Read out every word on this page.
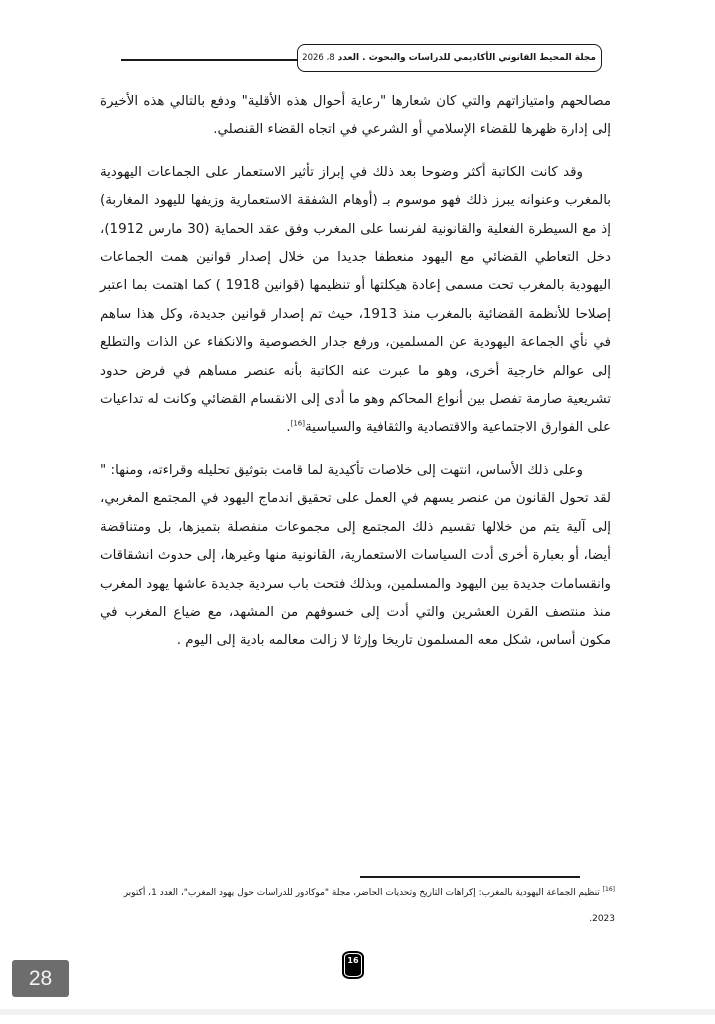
مجلة المحيط القانوني الأكاديمي للدراسات والبحوث . العدد
8، 2026

مصالحهم وامتيازاتهم والتي كان شعارها "رعاية أحوال هذه الأقلية" ودفع بالتالي هذه الأخيرة إلى إدارة ظهرها للقضاء الإسلامي أو الشرعي في اتجاه القضاء القنصلي.

وقد كانت الكاتبة أكثر وضوحا بعد ذلك في إبراز تأثير الاستعمار على الجماعات اليهودية بالمغرب وعنوانه يبرز ذلك فهو موسوم بـ (أوهام الشفقة الاستعمارية وزيفها لليهود المغاربة) إذ مع السيطرة الفعلية والقانونية لفرنسا على المغرب وفق عقد الحماية (30 مارس 1912)، دخل التعاطي القضائي مع اليهود منعطفا جديدا من خلال إصدار قوانين همت الجماعات اليهودية بالمغرب تحت مسمى إعادة هيكلتها أو تنظيمها (قوانين 1918 ) كما اهتمت بما اعتبر إصلاحا للأنظمة القضائية بالمغرب منذ 1913، حيث تم إصدار قوانين جديدة، وكل هذا ساهم في نأي الجماعة اليهودية عن المسلمين، ورفع جدار الخصوصية والانكفاء عن الذات والتطلع إلى عوالم خارجية أخرى، وهو ما عبرت عنه الكاتبة بأنه عنصر مساهم في فرض حدود تشريعية صارمة تفصل بين أنواع المحاكم وهو ما أدى إلى الانقسام القضائي وكانت له تداعيات على الفوارق الاجتماعية والاقتصادية والثقافية والسياسية[16].

وعلى ذلك الأساس، انتهت إلى خلاصات تأكيدية لما قامت بتوثيق تحليله وقراءته، ومنها: " لقد تحول القانون من عنصر يسهم في العمل على تحقيق اندماج اليهود في المجتمع المغربي، إلى آلية يتم من خلالها تقسيم ذلك المجتمع إلى مجموعات منفصلة بتميزها، بل ومتناقضة أيضا، أو بعبارة أخرى أدت السياسات الاستعمارية، القانونية منها وغيرها، إلى حدوث انشقاقات وانقسامات جديدة بين اليهود والمسلمين، وبذلك فتحت باب سردية جديدة عاشها يهود المغرب منذ منتصف القرن العشرين والتي أدت إلى خسوفهم من المشهد، مع ضياع المغرب في مكون أساس، شكل معه المسلمون تاريخا وإرثا لا زالت معالمه بادية إلى اليوم .

[16] تنظيم الجماعة اليهودية بالمغرب: إكراهات التاريخ وتحديات الحاضر، مجلة "موكادور للدراسات حول يهود المغرب"، العدد 1، أكتوبر 2023.
16
28
